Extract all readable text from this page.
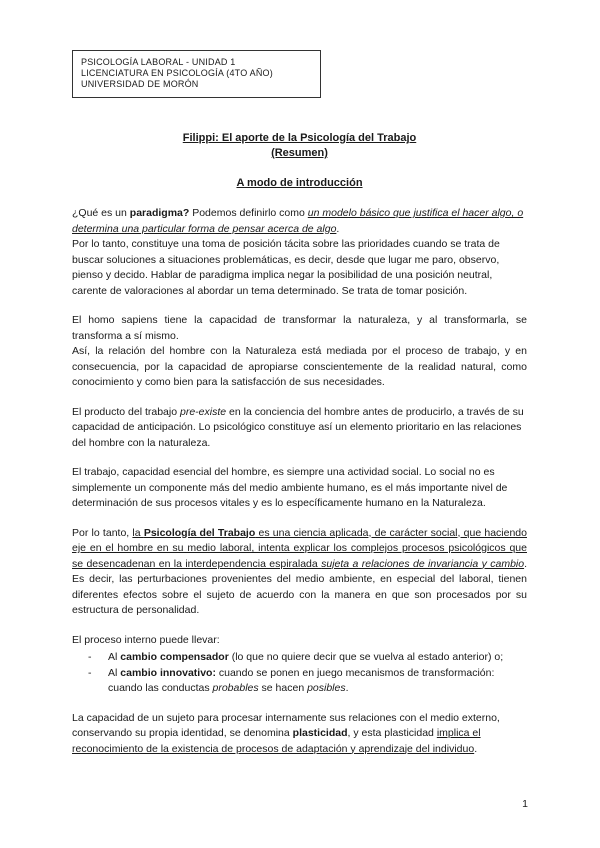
PSICOLOGÍA LABORAL - UNIDAD 1
LICENCIATURA EN PSICOLOGÍA (4TO AÑO)
UNIVERSIDAD DE MORÓN
Filippi: El aporte de la Psicología del Trabajo
(Resumen)
A modo de introducción

¿Qué es un paradigma? Podemos definirlo como un modelo básico que justifica el hacer algo, o determina una particular forma de pensar acerca de algo.
Por lo tanto, constituye una toma de posición tácita sobre las prioridades cuando se trata de buscar soluciones a situaciones problemáticas, es decir, desde que lugar me paro, observo, pienso y decido. Hablar de paradigma implica negar la posibilidad de una posición neutral, carente de valoraciones al abordar un tema determinado. Se trata de tomar posición.

El homo sapiens tiene la capacidad de transformar la naturaleza, y al transformarla, se transforma a sí mismo.
Así, la relación del hombre con la Naturaleza está mediada por el proceso de trabajo, y en consecuencia, por la capacidad de apropiarse conscientemente de la realidad natural, como conocimiento y como bien para la satisfacción de sus necesidades.

El producto del trabajo pre-existe en la conciencia del hombre antes de producirlo, a través de su capacidad de anticipación. Lo psicológico constituye así un elemento prioritario en las relaciones del hombre con la naturaleza.

El trabajo, capacidad esencial del hombre, es siempre una actividad social. Lo social no es simplemente un componente más del medio ambiente humano, es el más importante nivel de determinación de sus procesos vitales y es lo específicamente humano en la Naturaleza.

Por lo tanto, la Psicología del Trabajo es una ciencia aplicada, de carácter social, que haciendo eje en el hombre en su medio laboral, intenta explicar los complejos procesos psicológicos que se desencadenan en la interdependencia espiralada sujeta a relaciones de invariancia y cambio. Es decir, las perturbaciones provenientes del medio ambiente, en especial del laboral, tienen diferentes efectos sobre el sujeto de acuerdo con la manera en que son procesados por su estructura de personalidad.

El proceso interno puede llevar:

- Al cambio compensador (lo que no quiere decir que se vuelva al estado anterior) o;
- Al cambio innovativo: cuando se ponen en juego mecanismos de transformación: cuando las conductas probables se hacen posibles.

La capacidad de un sujeto para procesar internamente sus relaciones con el medio externo, conservando su propia identidad, se denomina plasticidad, y esta plasticidad implica el reconocimiento de la existencia de procesos de adaptación y aprendizaje del individuo.

1
